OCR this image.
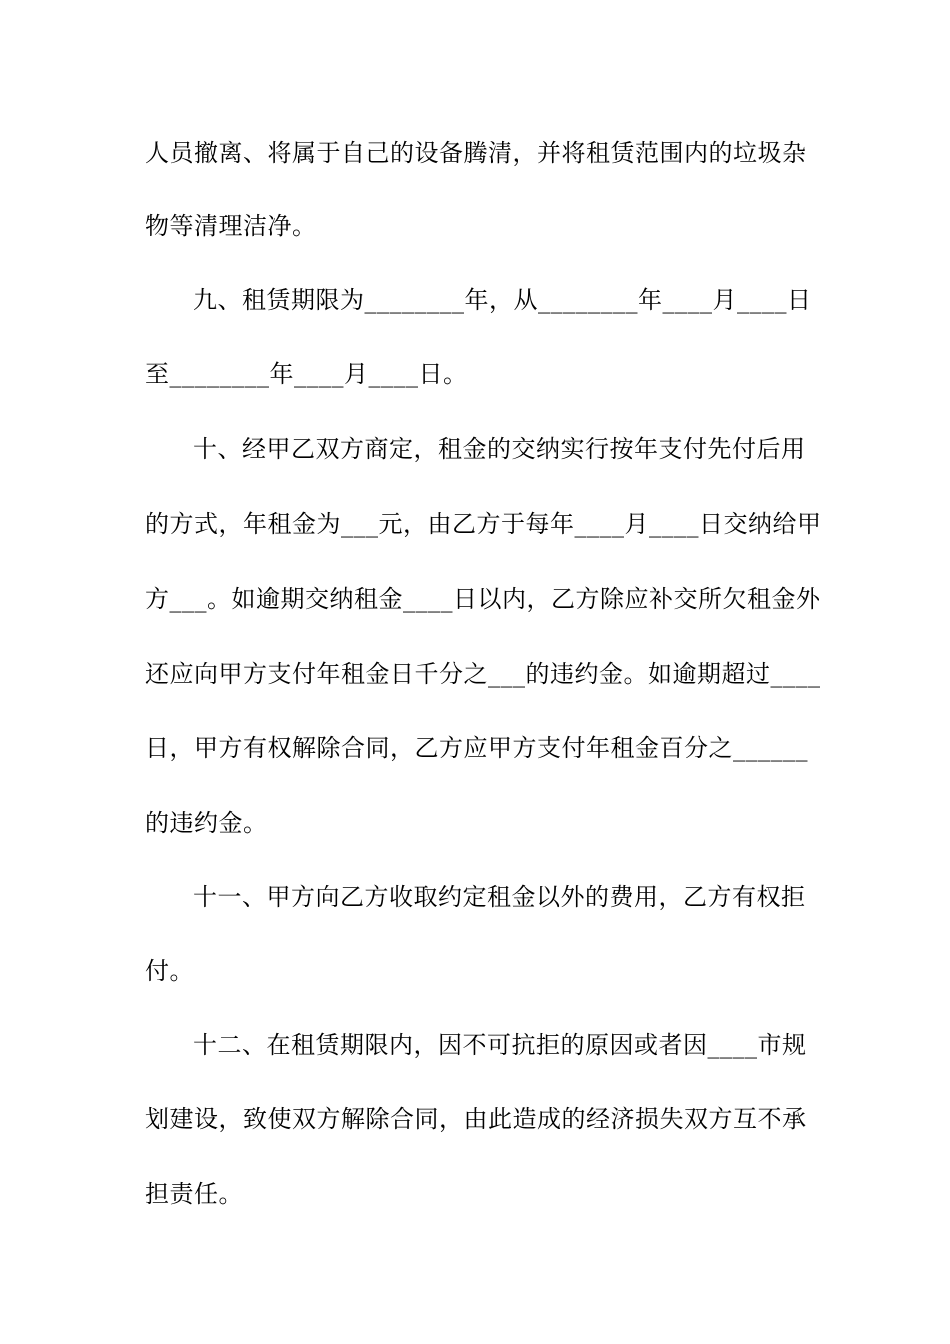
人员撤离、将属于自己的设备腾清，并将租赁范围内的垃圾杂
物等清理洁净。
九、租赁期限为________年，从________年____月____日
至________年____月____日。
十、经甲乙双方商定，租金的交纳实行按年支付先付后用
的方式，年租金为___元，由乙方于每年____月____日交纳给甲
方___。如逾期交纳租金____日以内，乙方除应补交所欠租金外
还应向甲方支付年租金日千分之___的违约金。如逾期超过____
日，甲方有权解除合同，乙方应甲方支付年租金百分之______
的违约金。
十一、甲方向乙方收取约定租金以外的费用，乙方有权拒
付。
十二、在租赁期限内，因不可抗拒的原因或者因____市规
划建设，致使双方解除合同，由此造成的经济损失双方互不承
担责任。
